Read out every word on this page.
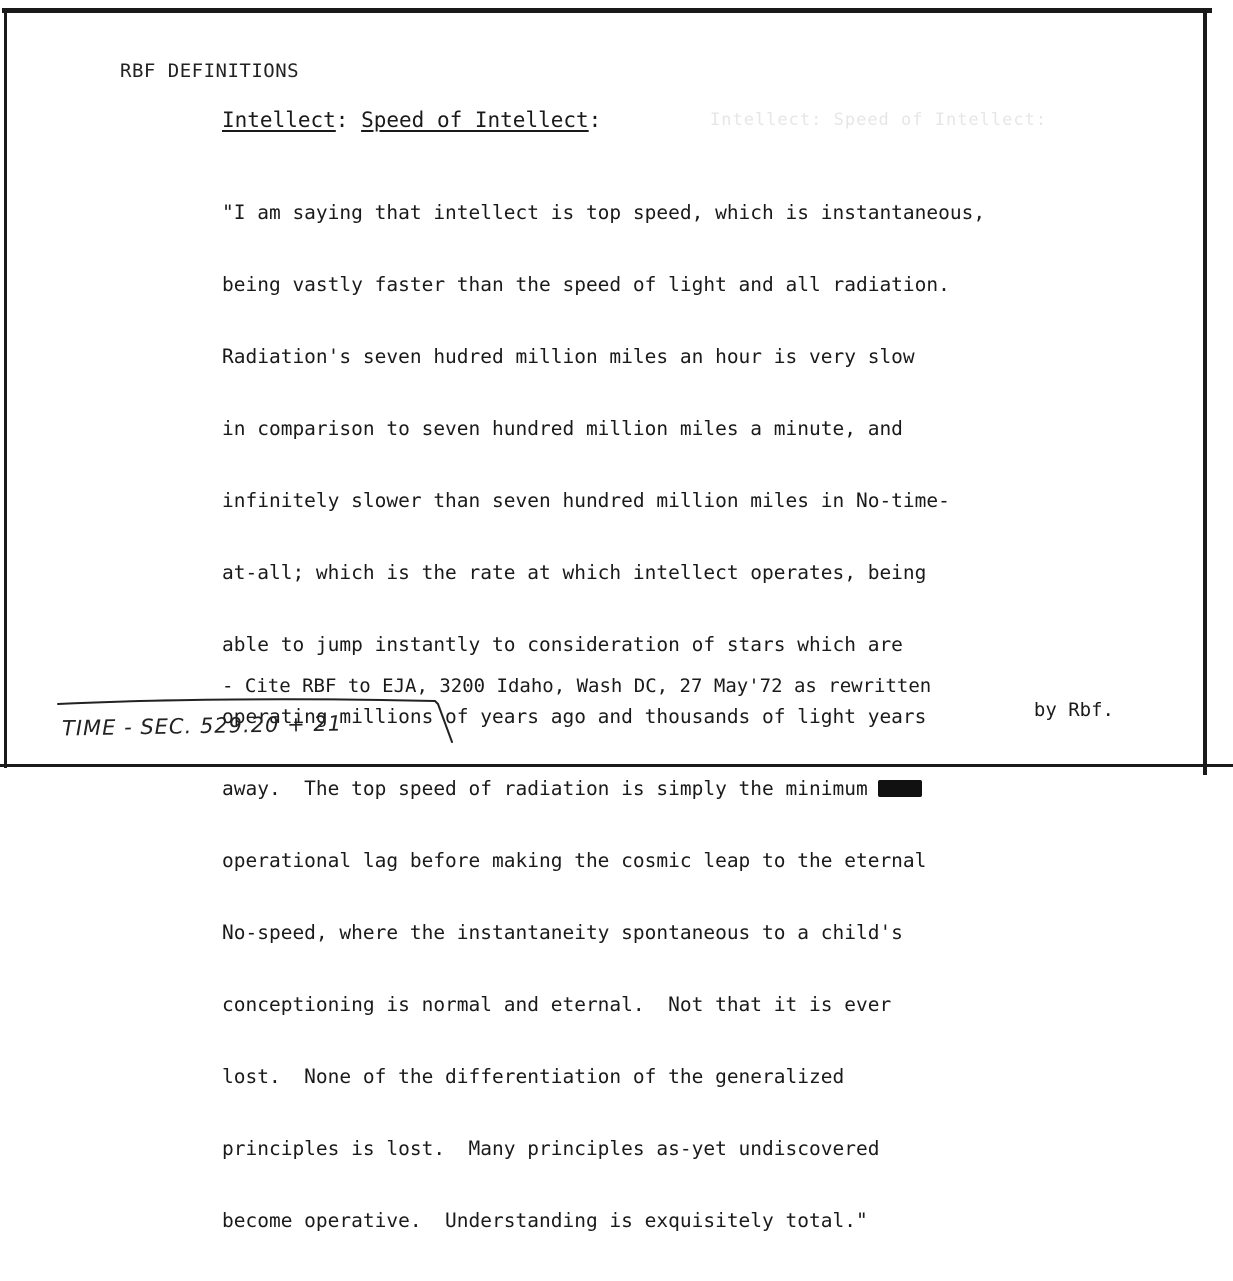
Intellect: Speed of Intellect:
RBF DEFINITIONS
Intellect: Speed of Intellect:

"I am saying that intellect is top speed, which is instantaneous,

being vastly faster than the speed of light and all radiation.

Radiation's seven hudred million miles an hour is very slow

in comparison to seven hundred million miles a minute, and

infinitely slower than seven hundred million miles in No-time-

at-all; which is the rate at which intellect operates, being

able to jump instantly to consideration of stars which are

operating millions of years ago and thousands of light years

away.  The top speed of radiation is simply the minimum

operational lag before making the cosmic leap to the eternal

No-speed, where the instantaneity spontaneous to a child's

conceptioning is normal and eternal.  Not that it is ever

lost.  None of the differentiation of the generalized

principles is lost.  Many principles as-yet undiscovered

become operative.  Understanding is exquisitely total."

- Cite RBF to EJA, 3200 Idaho, Wash DC, 27 May'72 as rewritten
by Rbf.
TIME - SEC. 529.20 + 21
